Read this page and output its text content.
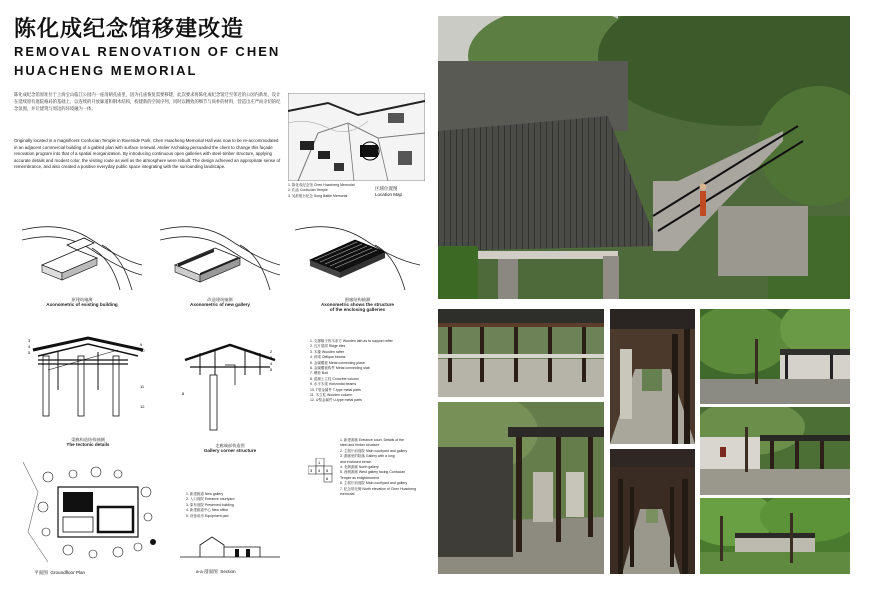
陈化成纪念馆移建改造
REMOVAL RENOVATION OF CHEN
HUACHENG MEMORIAL
陈化成纪念馆原址位于上海宝山临江公园内一座清朝孔庙里，因为孔庙恢复需要移建，此次要求将陈化成纪念馆迁至邻近的公园内新址，设计在延续原有庭院格局的基础上，以连续的开放廊道和钢木结构，构建新的空间序列，同时以精致的细节与质朴的材料，营造出庄严而亲切的纪念氛围，并让建筑与周边的环境融为一体。
Originally located in a magnificent Confucian Temple in Riverside Park, Chen Huacheng Memorial Hall was now to be re-accommodated in an adjacent commercial building of a gabled plan with surface renewal. Atelier Archialog persuaded the client to change this façade renovation program into that of a spatial reorganization. By introducing continuous open galleries with steel-timber structure, applying accurate details and modest color, the visiting route as well as the atmosphere were rebuilt. The design achieved an appropriate sense of remembrance, and also created a positive everyday public space integrating with the surrounding landscape.
1. 陈化成纪念馆 Chen Huacheng Memorial
2. 孔庙 Confucian Temple
3. 吴淞炮台纪念 Song Battle Memorial
区域位置图
Location Map
原建筑轴测
Axonometric of existing building
改造建筑轴测
Axonometric of new gallery
围廊结构轴测
Axonometric shows the structure
of the enclosing galleries
3
4
5
9
10
11
12
梁廊构造结构轴测
The tectonic details
2
3
4
5
8
走廊端部构造图
Gallery corner structure
1. 支撑椽子的木条方 Wooden lath as to support rafter
2. 瓦片屋面 Ridge tiles
3. 木椽 Wooden rafter
4. 斜梁 Oblique beams
5. 金属覆板 Metal connecting plane
6. 金属覆板构件 Metal connecting slab
7. 螺栓 Bolt
8. 混凝土立柱 Concrete column
9. 水平木梁 Horizontal beams
10. T型金属件 T-type metal parts
11. 木立柱 Wooden column
12. U型金属件 U-type metal parts
1
3 4 5
6
1. 新建游廊 Entrance court. Details of the
steel and timber structure
2. 主展厅前庭院 Main courtyard and gallery
3. 游廊里的院落 Gallery with a long
and enclosed bench
4. 北侧游廊 North gallery
5. 西侧游廊 West gallery facing Confucian
Temple as enlightenment
6. 主展厅前庭院 Main courtyard and gallery
7. 纪念馆北侧 North elevation of Chen Huacheng
memorial
平面图 Groundfloor Plan
1. 新建廊道 New gallery
2. 入口庭院 Entrance courtyard
3. 原有庭院 Preserved building
4. 新建廊道中心 New office
5. 设备用房 Equipment pad
a-a 剖面图 Section
